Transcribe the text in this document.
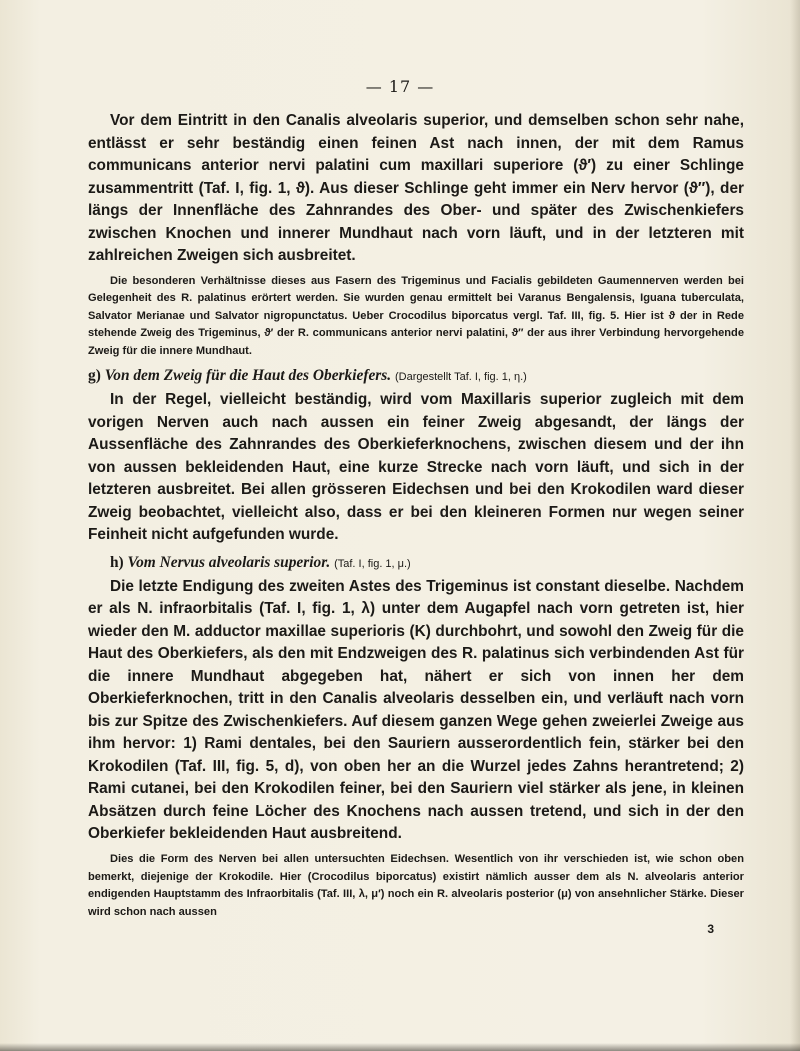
— 17 —

Vor dem Eintritt in den Canalis alveolaris superior, und demselben schon sehr nahe, entlässt er sehr beständig einen feinen Ast nach innen, der mit dem Ramus communicans anterior nervi palatini cum maxillari superiore (ϑ′) zu einer Schlinge zusammentritt (Taf. I, fig. 1, ϑ). Aus dieser Schlinge geht immer ein Nerv hervor (ϑ″), der längs der Innenfläche des Zahnrandes des Ober- und später des Zwischenkiefers zwischen Knochen und innerer Mundhaut nach vorn läuft, und in der letzteren mit zahlreichen Zweigen sich ausbreitet.

Die besonderen Verhältnisse dieses aus Fasern des Trigeminus und Facialis gebildeten Gaumennerven werden bei Gelegenheit des R. palatinus erörtert werden. Sie wurden genau ermittelt bei Varanus Bengalensis, Iguana tuberculata, Salvator Merianae und Salvator nigropunctatus. Ueber Crocodilus biporcatus vergl. Taf. III, fig. 5. Hier ist ϑ der in Rede stehende Zweig des Trigeminus, ϑ′ der R. communicans anterior nervi palatini, ϑ″ der aus ihrer Verbindung hervorgehende Zweig für die innere Mundhaut.

g) Von dem Zweig für die Haut des Oberkiefers. (Dargestellt Taf. I, fig. 1, η.)

In der Regel, vielleicht beständig, wird vom Maxillaris superior zugleich mit dem vorigen Nerven auch nach aussen ein feiner Zweig abgesandt, der längs der Aussenfläche des Zahnrandes des Oberkieferknochens, zwischen diesem und der ihn von aussen bekleidenden Haut, eine kurze Strecke nach vorn läuft, und sich in der letzteren ausbreitet. Bei allen grösseren Eidechsen und bei den Krokodilen ward dieser Zweig beobachtet, vielleicht also, dass er bei den kleineren Formen nur wegen seiner Feinheit nicht aufgefunden wurde.

h) Vom Nervus alveolaris superior. (Taf. I, fig. 1, μ.)

Die letzte Endigung des zweiten Astes des Trigeminus ist constant dieselbe. Nachdem er als N. infraorbitalis (Taf. I, fig. 1, λ) unter dem Augapfel nach vorn getreten ist, hier wieder den M. adductor maxillae superioris (K) durchbohrt, und sowohl den Zweig für die Haut des Oberkiefers, als den mit Endzweigen des R. palatinus sich verbindenden Ast für die innere Mundhaut abgegeben hat, nähert er sich von innen her dem Oberkieferknochen, tritt in den Canalis alveolaris desselben ein, und verläuft nach vorn bis zur Spitze des Zwischenkiefers. Auf diesem ganzen Wege gehen zweierlei Zweige aus ihm hervor: 1) Rami dentales, bei den Sauriern ausserordentlich fein, stärker bei den Krokodilen (Taf. III, fig. 5, d), von oben her an die Wurzel jedes Zahns herantretend; 2) Rami cutanei, bei den Krokodilen feiner, bei den Sauriern viel stärker als jene, in kleinen Absätzen durch feine Löcher des Knochens nach aussen tretend, und sich in der den Oberkiefer bekleidenden Haut ausbreitend.

Dies die Form des Nerven bei allen untersuchten Eidechsen. Wesentlich von ihr verschieden ist, wie schon oben bemerkt, diejenige der Krokodile. Hier (Crocodilus biporcatus) existirt nämlich ausser dem als N. alveolaris anterior endigenden Hauptstamm des Infraorbitalis (Taf. III, λ, μ′) noch ein R. alveolaris posterior (μ) von ansehnlicher Stärke. Dieser wird schon nach aussen

3
